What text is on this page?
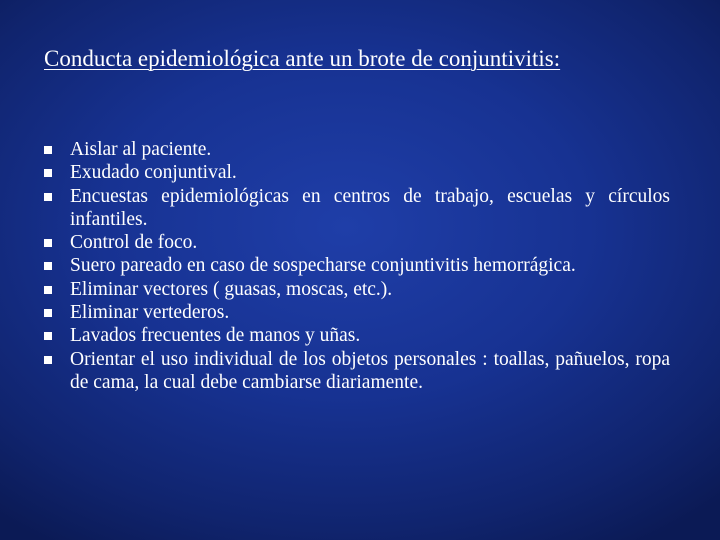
Conducta epidemiológica ante un brote de conjuntivitis:
Aislar al paciente.
Exudado conjuntival.
Encuestas epidemiológicas en centros de trabajo, escuelas y círculos infantiles.
Control de foco.
Suero pareado en caso de sospecharse conjuntivitis hemorrágica.
Eliminar vectores ( guasas, moscas, etc.).
Eliminar vertederos.
Lavados frecuentes de manos y uñas.
Orientar el uso individual de los objetos personales : toallas, pañuelos, ropa de cama, la cual debe cambiarse diariamente.
